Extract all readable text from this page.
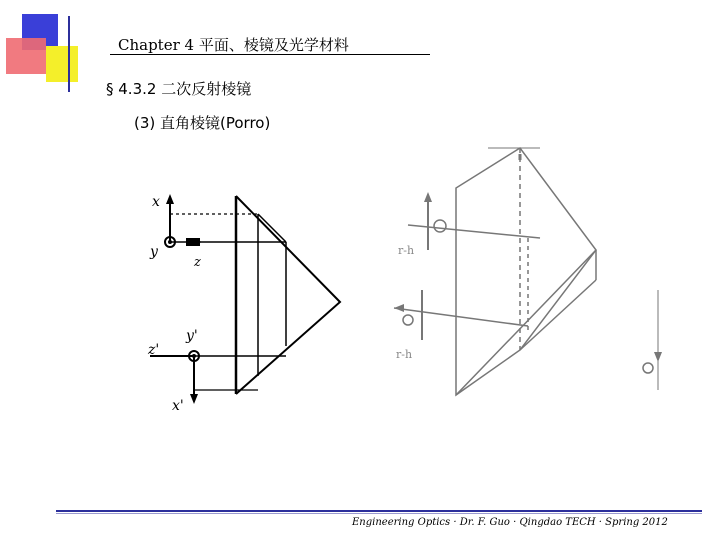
Chapter 4 平面、棱镜及光学材料
§ 4.3.2 二次反射棱镜
(3) 直角棱镜(Porro)
x
y
z
z'
y'
x'
r-h
r-h
Engineering Optics · Dr. F. Guo · Qingdao TECH · Spring 2012
